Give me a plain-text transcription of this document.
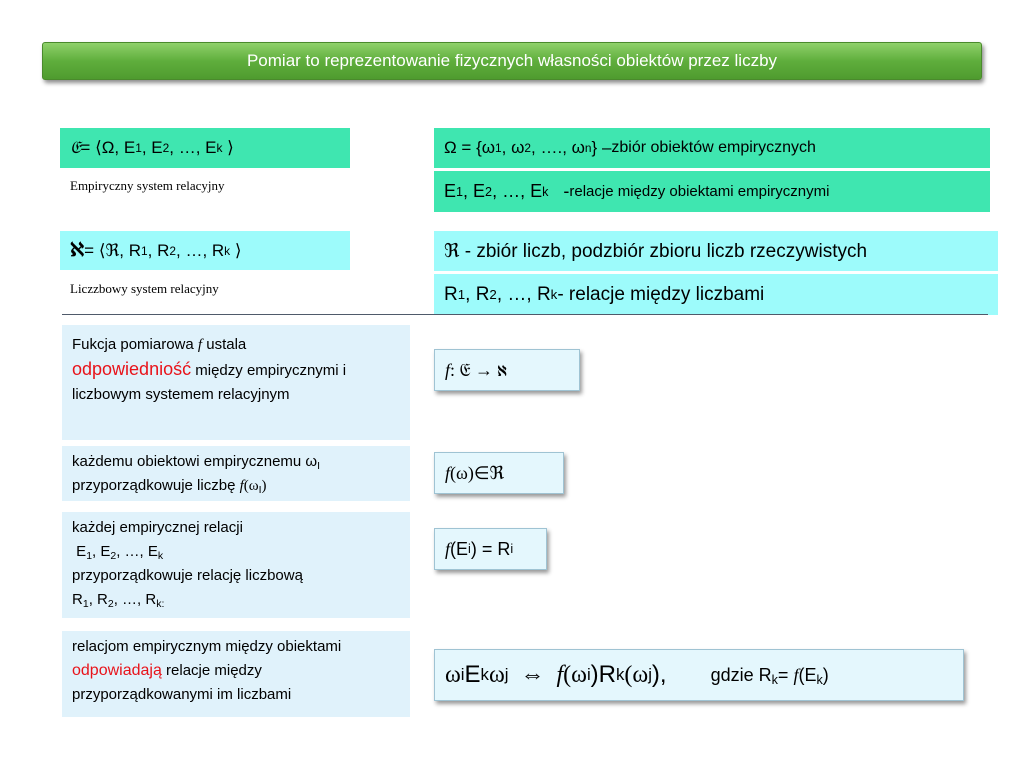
Pomiar to reprezentowanie fizycznych własności obiektów przez liczby
𝔈 = ⟨Ω, E 1 , E 2 , …, E k ⟩
Empiryczny system relacyjny
Ω = {ω 1 , ω 2 , …., ω n } – zbiór obiektów empirycznych
E 1 , E 2 , …, E k - relacje między obiektami empirycznymi
ℵ = ⟨ℜ, R 1 , R 2 , …, R k ⟩
Liczzbowy system relacyjny
ℜ - zbiór liczb, podzbiór zbioru liczb rzeczywistych
R 1 , R 2 , …, R k - relacje między liczbami
Fukcja pomiarowa f ustala
odpowiedniość między empirycznymi i liczbowym systemem relacyjnym
f : 𝔈 → ℵ
każdemu obiektowi empirycznemu $\omega_I$
przyporządkowuje liczbę $f(\omega_I)$
f (ω)∈ℜ
każdej empirycznej relacji
$E_1$, $E_2$, …, $E_k$
przyporządkowuje relację liczbową
$R_1$, $R_2$, …, $R_{k:}$
f (E i ) = R i
relacjom empirycznym między obiektami odpowiadają relacje między przyporządkowanymi im liczbami
ω i E k ω j ⇔ f (ω i )R k (ω j ), gdzie $R_k= f(E_k)$
